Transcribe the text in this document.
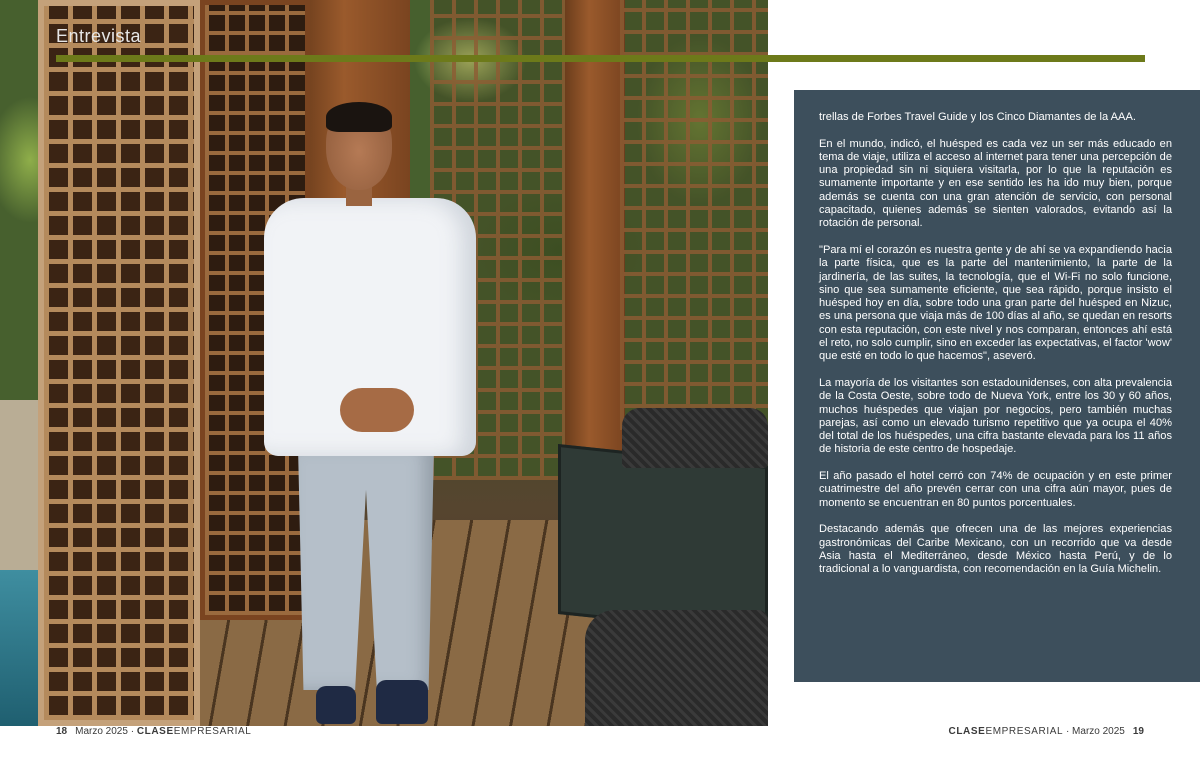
Entrevista

trellas de Forbes Travel Guide y los Cinco Diamantes de la AAA.

En el mundo, indicó, el huésped es cada vez un ser más educado en tema de viaje, utiliza el acceso al internet para tener una percepción de una propiedad sin ni siquiera visitarla, por lo que la reputación es sumamente importante y en ese sentido les ha ido muy bien, porque además se cuenta con una gran atención de servicio, con personal capacitado, quienes además se sienten valorados, evitando así la rotación de personal.

"Para mí el corazón es nuestra gente y de ahí se va expandiendo hacia la parte física, que es la parte del mantenimiento, la parte de la jardinería, de las suites, la tecnología, que el Wi-Fi no solo funcione, sino que sea sumamente eficiente, que sea rápido, porque insisto el huésped hoy en día, sobre todo una gran parte del huésped en Nizuc, es una persona que viaja más de 100 días al año, se quedan en resorts con esta reputación, con este nivel y nos comparan, entonces ahí está el reto, no solo cumplir, sino en exceder las expectativas, el factor 'wow' que esté en todo lo que hacemos", aseveró.

La mayoría de los visitantes son estadounidenses, con alta prevalencia de la Costa Oeste, sobre todo de Nueva York, entre los 30 y 60 años, muchos huéspedes que viajan por negocios, pero también muchas parejas, así como un elevado turismo repetitivo que ya ocupa el 40% del total de los huéspedes, una cifra bastante elevada para los 11 años de historia de este centro de hospedaje.

El año pasado el hotel cerró con 74% de ocupación y en este primer cuatrimestre del año prevén cerrar con una cifra aún mayor, pues de momento se encuentran en 80 puntos porcentuales.

Destacando además que ofrecen una de las mejores experiencias gastronómicas del Caribe Mexicano, con un recorrido que va desde Asia hasta el Mediterráneo, desde México hasta Perú, y de lo tradicional a lo vanguardista, con recomendación en la Guía Michelin.

18 Marzo 2025 · CLASEEMPRESARIAL	CLASEEMPRESARIAL · Marzo 2025 19
